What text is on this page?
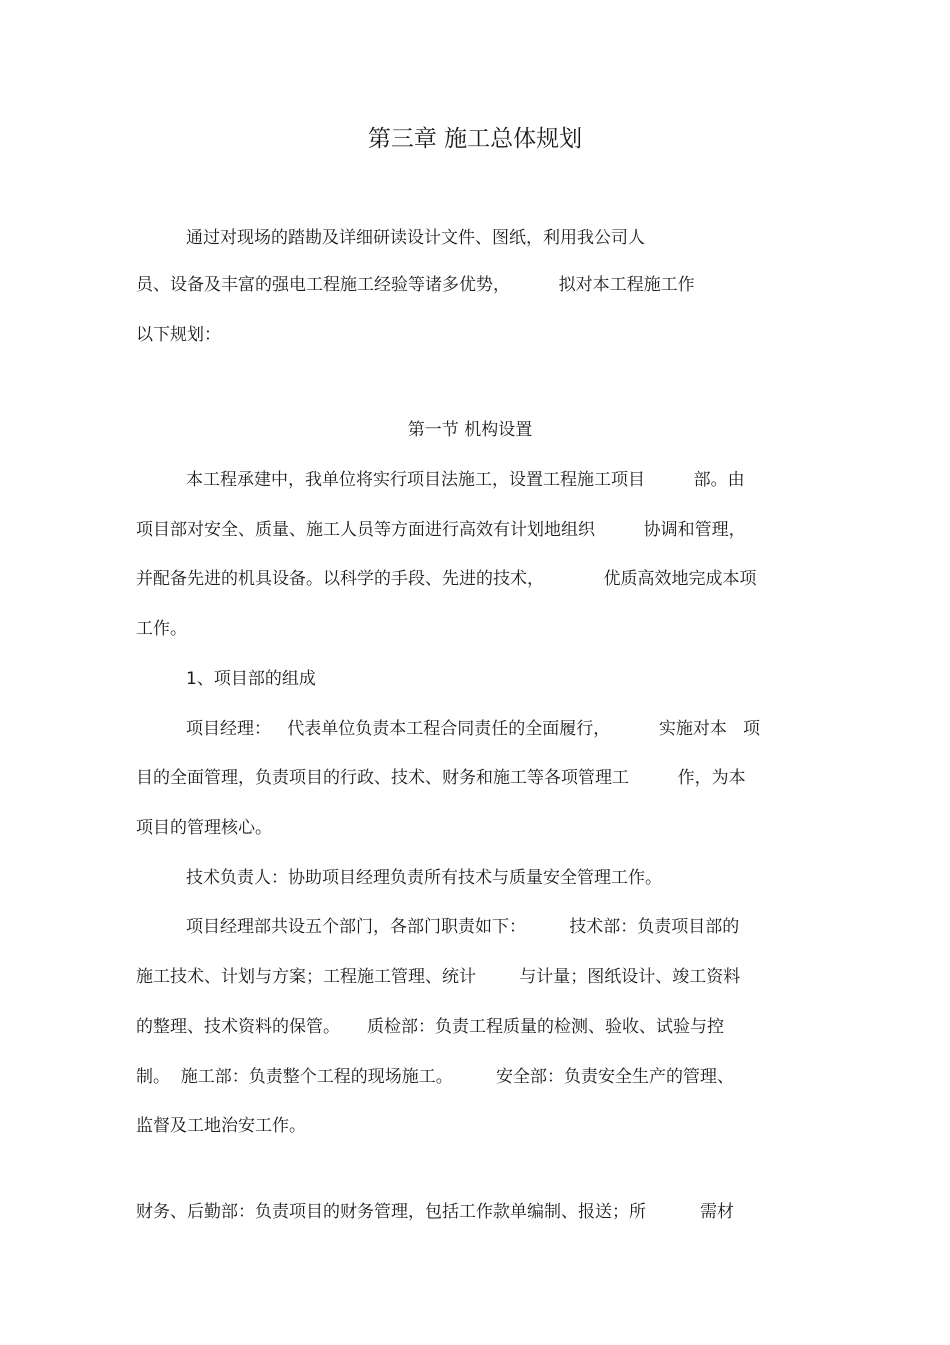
第三章 施工总体规划
通过对现场的踏勘及详细研读设计文件、图纸，利用我公司人
员、设备及丰富的强电工程施工经验等诸多优势，         拟对本工程施工作
以下规划：
第一节 机构设置
本工程承建中，我单位将实行项目法施工，设置工程施工项目         部。由
项目部对安全、质量、施工人员等方面进行高效有计划地组织         协调和管理，
并配备先进的机具设备。以科学的手段、先进的技术，           优质高效地完成本项
工作。
1、项目部的组成
项目经理：   代表单位负责本工程合同责任的全面履行，         实施对本   项
目的全面管理，负责项目的行政、技术、财务和施工等各项管理工         作，为本
项目的管理核心。
技术负责人：协助项目经理负责所有技术与质量安全管理工作。
项目经理部共设五个部门，各部门职责如下：        技术部：负责项目部的
施工技术、计划与方案；工程施工管理、统计        与计量；图纸设计、竣工资料
的整理、技术资料的保管。     质检部：负责工程质量的检测、验收、试验与控
制。  施工部：负责整个工程的现场施工。        安全部：负责安全生产的管理、
监督及工地治安工作。
财务、后勤部：负责项目的财务管理，包括工作款单编制、报送；所          需材
